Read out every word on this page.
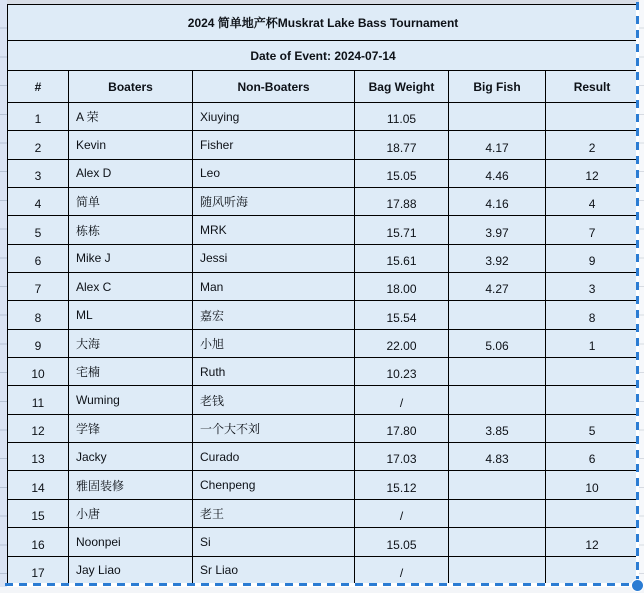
2024 简单地产杯Muskrat Lake Bass Tournament					
Date of Event: 2024-07-14					
#	Boaters	Non-Boaters	Bag Weight	Big Fish	Result
1	A 荣	Xiuying	11.05		
2	Kevin	Fisher	18.77	4.17	2
3	Alex D	Leo	15.05	4.46	12
4	简单	随风听海	17.88	4.16	4
5	栋栋	MRK	15.71	3.97	7
6	Mike J	Jessi	15.61	3.92	9
7	Alex C	Man	18.00	4.27	3
8	ML	嘉宏	15.54		8
9	大海	小旭	22.00	5.06	1
10	宅楠	Ruth	10.23		
11	Wuming	老钱	/		
12	学锋	一个大不刘	17.80	3.85	5
13	Jacky	Curado	17.03	4.83	6
14	雅固装修	Chenpeng	15.12		10
15	小唐	老王	/		
16	Noonpei	Si	15.05		12
17	Jay Liao	Sr Liao	/		
